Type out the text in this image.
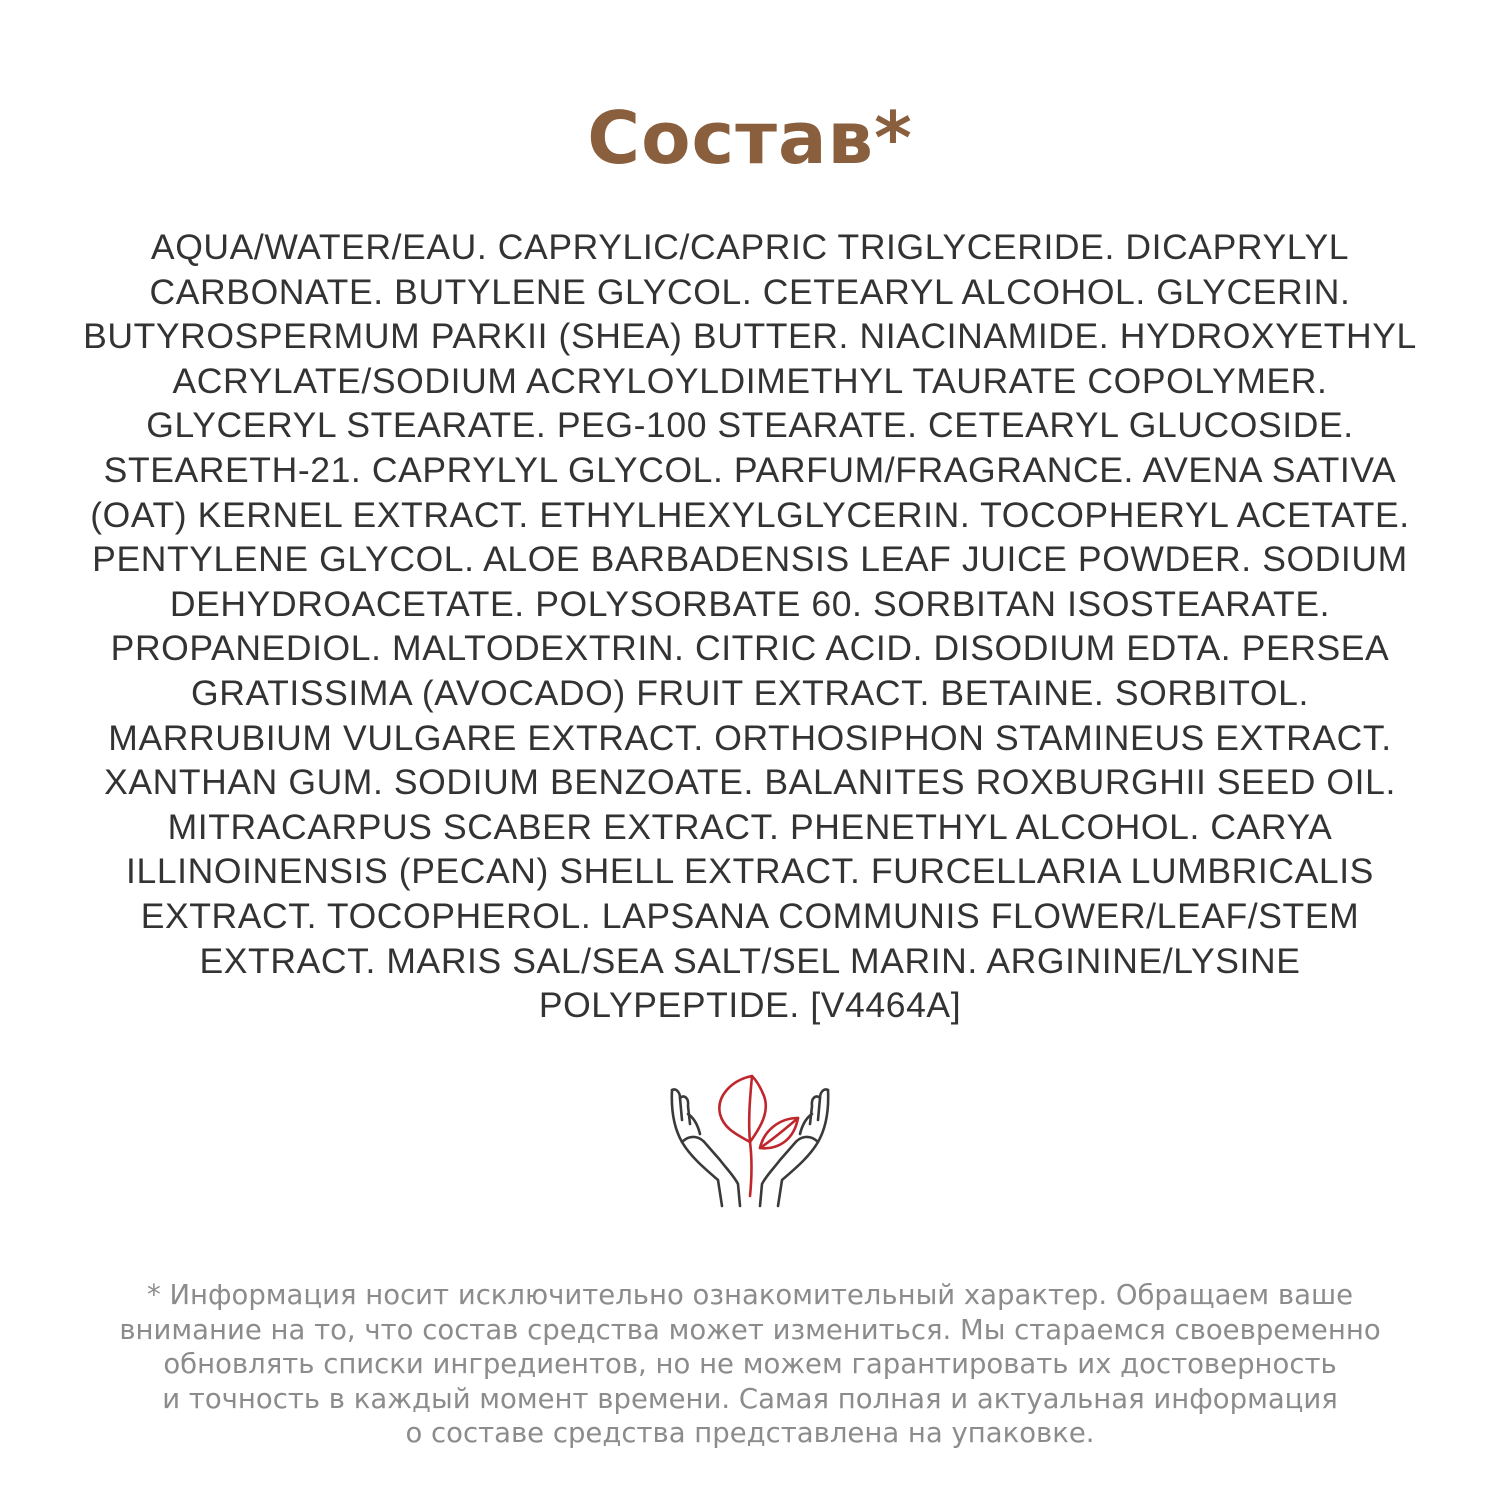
Состав*

AQUA/WATER/EAU. CAPRYLIC/CAPRIC TRIGLYCERIDE. DICAPRYLYL
CARBONATE. BUTYLENE GLYCOL. CETEARYL ALCOHOL. GLYCERIN.
BUTYROSPERMUM PARKII (SHEA) BUTTER. NIACINAMIDE. HYDROXYETHYL
ACRYLATE/SODIUM ACRYLOYLDIMETHYL TAURATE COPOLYMER.
GLYCERYL STEARATE. PEG-100 STEARATE. CETEARYL GLUCOSIDE.
STEARETH-21. CAPRYLYL GLYCOL. PARFUM/FRAGRANCE. AVENA SATIVA
(OAT) KERNEL EXTRACT. ETHYLHEXYLGLYCERIN. TOCOPHERYL ACETATE.
PENTYLENE GLYCOL. ALOE BARBADENSIS LEAF JUICE POWDER. SODIUM
DEHYDROACETATE. POLYSORBATE 60. SORBITAN ISOSTEARATE.
PROPANEDIOL. MALTODEXTRIN. CITRIC ACID. DISODIUM EDTA. PERSEA
GRATISSIMA (AVOCADO) FRUIT EXTRACT. BETAINE. SORBITOL.
MARRUBIUM VULGARE EXTRACT. ORTHOSIPHON STAMINEUS EXTRACT.
XANTHAN GUM. SODIUM BENZOATE. BALANITES ROXBURGHII SEED OIL.
MITRACARPUS SCABER EXTRACT. PHENETHYL ALCOHOL. CARYA
ILLINOINENSIS (PECAN) SHELL EXTRACT. FURCELLARIA LUMBRICALIS
EXTRACT. TOCOPHEROL. LAPSANA COMMUNIS FLOWER/LEAF/STEM
EXTRACT. MARIS SAL/SEA SALT/SEL MARIN. ARGININE/LYSINE
POLYPEPTIDE. [V4464A]

* Информация носит исключительно ознакомительный характер. Обращаем ваше
внимание на то, что состав средства может измениться. Мы стараемся своевременно
обновлять списки ингредиентов, но не можем гарантировать их достоверность
и точность в каждый момент времени. Самая полная и актуальная информация
о составе средства представлена на упаковке.
